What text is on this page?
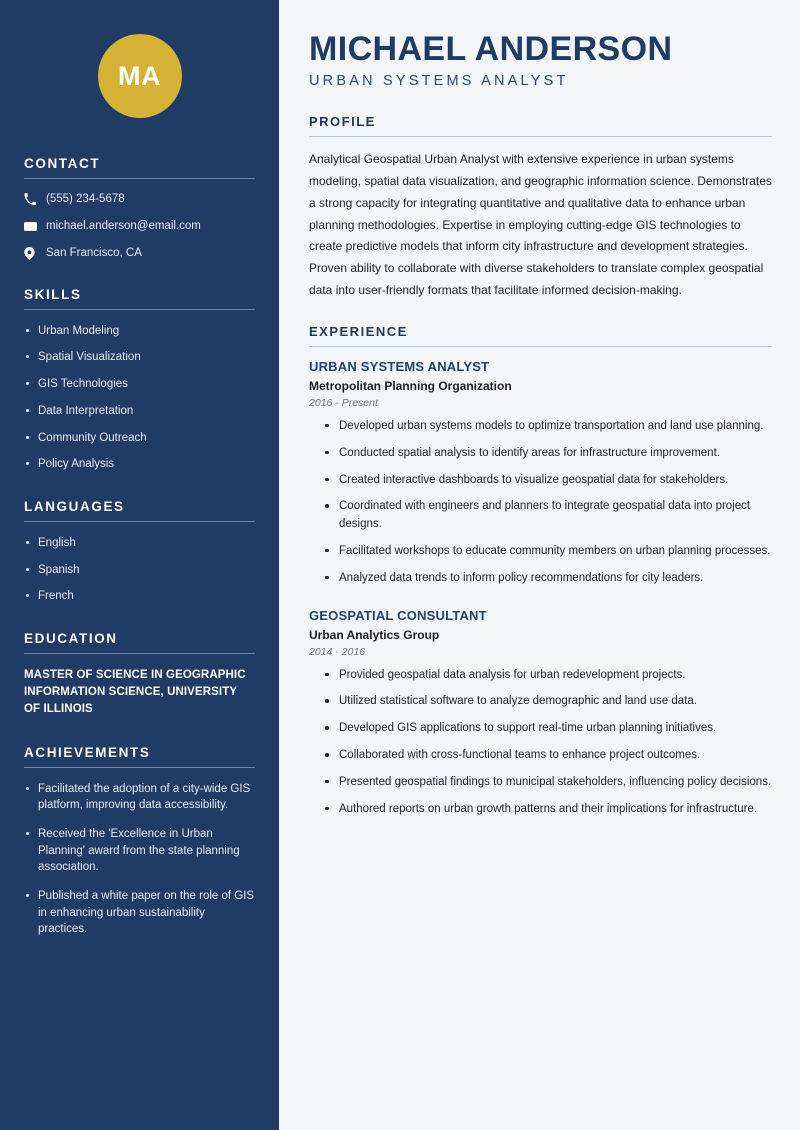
MA
CONTACT
(555) 234-5678
michael.anderson@email.com
San Francisco, CA
SKILLS
Urban Modeling
Spatial Visualization
GIS Technologies
Data Interpretation
Community Outreach
Policy Analysis
LANGUAGES
English
Spanish
French
EDUCATION
MASTER OF SCIENCE IN GEOGRAPHIC INFORMATION SCIENCE, UNIVERSITY OF ILLINOIS
ACHIEVEMENTS
Facilitated the adoption of a city-wide GIS platform, improving data accessibility.
Received the 'Excellence in Urban Planning' award from the state planning association.
Published a white paper on the role of GIS in enhancing urban sustainability practices.
MICHAEL ANDERSON
URBAN SYSTEMS ANALYST
PROFILE

Analytical Geospatial Urban Analyst with extensive experience in urban systems modeling, spatial data visualization, and geographic information science. Demonstrates a strong capacity for integrating quantitative and qualitative data to enhance urban planning methodologies. Expertise in employing cutting-edge GIS technologies to create predictive models that inform city infrastructure and development strategies. Proven ability to collaborate with diverse stakeholders to translate complex geospatial data into user-friendly formats that facilitate informed decision-making.

EXPERIENCE
URBAN SYSTEMS ANALYST
Metropolitan Planning Organization
2016 - Present
Developed urban systems models to optimize transportation and land use planning.
Conducted spatial analysis to identify areas for infrastructure improvement.
Created interactive dashboards to visualize geospatial data for stakeholders.
Coordinated with engineers and planners to integrate geospatial data into project designs.
Facilitated workshops to educate community members on urban planning processes.
Analyzed data trends to inform policy recommendations for city leaders.
GEOSPATIAL CONSULTANT
Urban Analytics Group
2014 - 2016
Provided geospatial data analysis for urban redevelopment projects.
Utilized statistical software to analyze demographic and land use data.
Developed GIS applications to support real-time urban planning initiatives.
Collaborated with cross-functional teams to enhance project outcomes.
Presented geospatial findings to municipal stakeholders, influencing policy decisions.
Authored reports on urban growth patterns and their implications for infrastructure.
